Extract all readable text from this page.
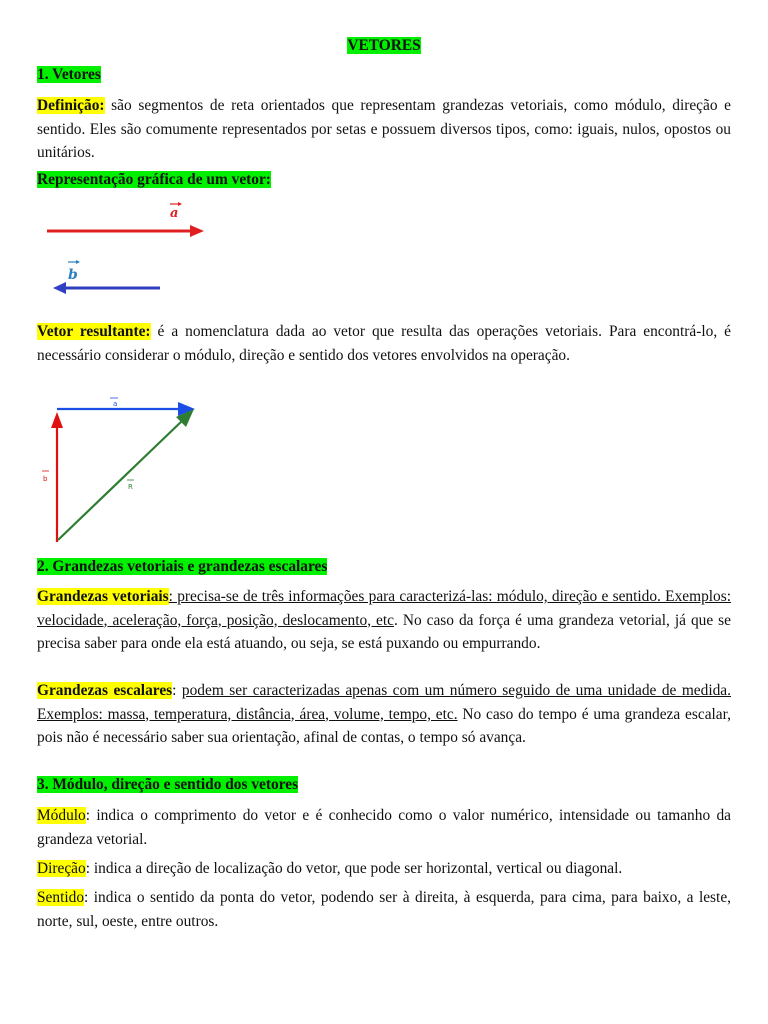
VETORES

1. Vetores

Definição: são segmentos de reta orientados que representam grandezas vetoriais, como módulo, direção e sentido. Eles são comumente representados por setas e possuem diversos tipos, como: iguais, nulos, opostos ou unitários.

Representação gráfica de um vetor:

a
b

Vetor resultante: é a nomenclatura dada ao vetor que resulta das operações vetoriais. Para encontrá-lo, é necessário considerar o módulo, direção e sentido dos vetores envolvidos na operação.

a
b
R

2. Grandezas vetoriais e grandezas escalares

Grandezas vetoriais: precisa-se de três informações para caracterizá-las: módulo, direção e sentido. Exemplos: velocidade, aceleração, força, posição, deslocamento, etc. No caso da força é uma grandeza vetorial, já que se precisa saber para onde ela está atuando, ou seja, se está puxando ou empurrando.

Grandezas escalares: podem ser caracterizadas apenas com um número seguido de uma unidade de medida. Exemplos: massa, temperatura, distância, área, volume, tempo, etc. No caso do tempo é uma grandeza escalar, pois não é necessário saber sua orientação, afinal de contas, o tempo só avança.

3. Módulo, direção e sentido dos vetores

Módulo: indica o comprimento do vetor e é conhecido como o valor numérico, intensidade ou tamanho da grandeza vetorial.

Direção: indica a direção de localização do vetor, que pode ser horizontal, vertical ou diagonal.

Sentido: indica o sentido da ponta do vetor, podendo ser à direita, à esquerda, para cima, para baixo, a leste, norte, sul, oeste, entre outros.
